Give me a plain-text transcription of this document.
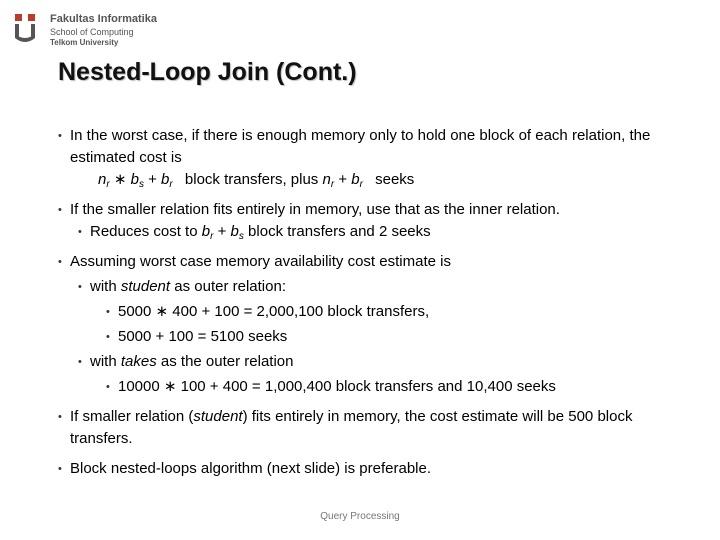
Fakultas Informatika
School of Computing
Telkom University
Nested-Loop Join (Cont.)
• In the worst case, if there is enough memory only to hold one block of each relation, the estimated cost is
$n_r$ ∗ $b_s + b_r$ block transfers, plus $n_r + b_r$ seeks
• If the smaller relation fits entirely in memory, use that as the inner relation.
• Reduces cost to $b_r + b_s$ block transfers and 2 seeks
• Assuming worst case memory availability cost estimate is
• with student as outer relation:
• 5000 ∗ 400 + 100 = 2,000,100 block transfers,
• 5000 + 100 = 5100 seeks
• with takes as the outer relation
• 10000 ∗ 100 + 400 = 1,000,400 block transfers and 10,400 seeks
• If smaller relation (student) fits entirely in memory, the cost estimate will be 500 block transfers.
• Block nested-loops algorithm (next slide) is preferable.
Query Processing
